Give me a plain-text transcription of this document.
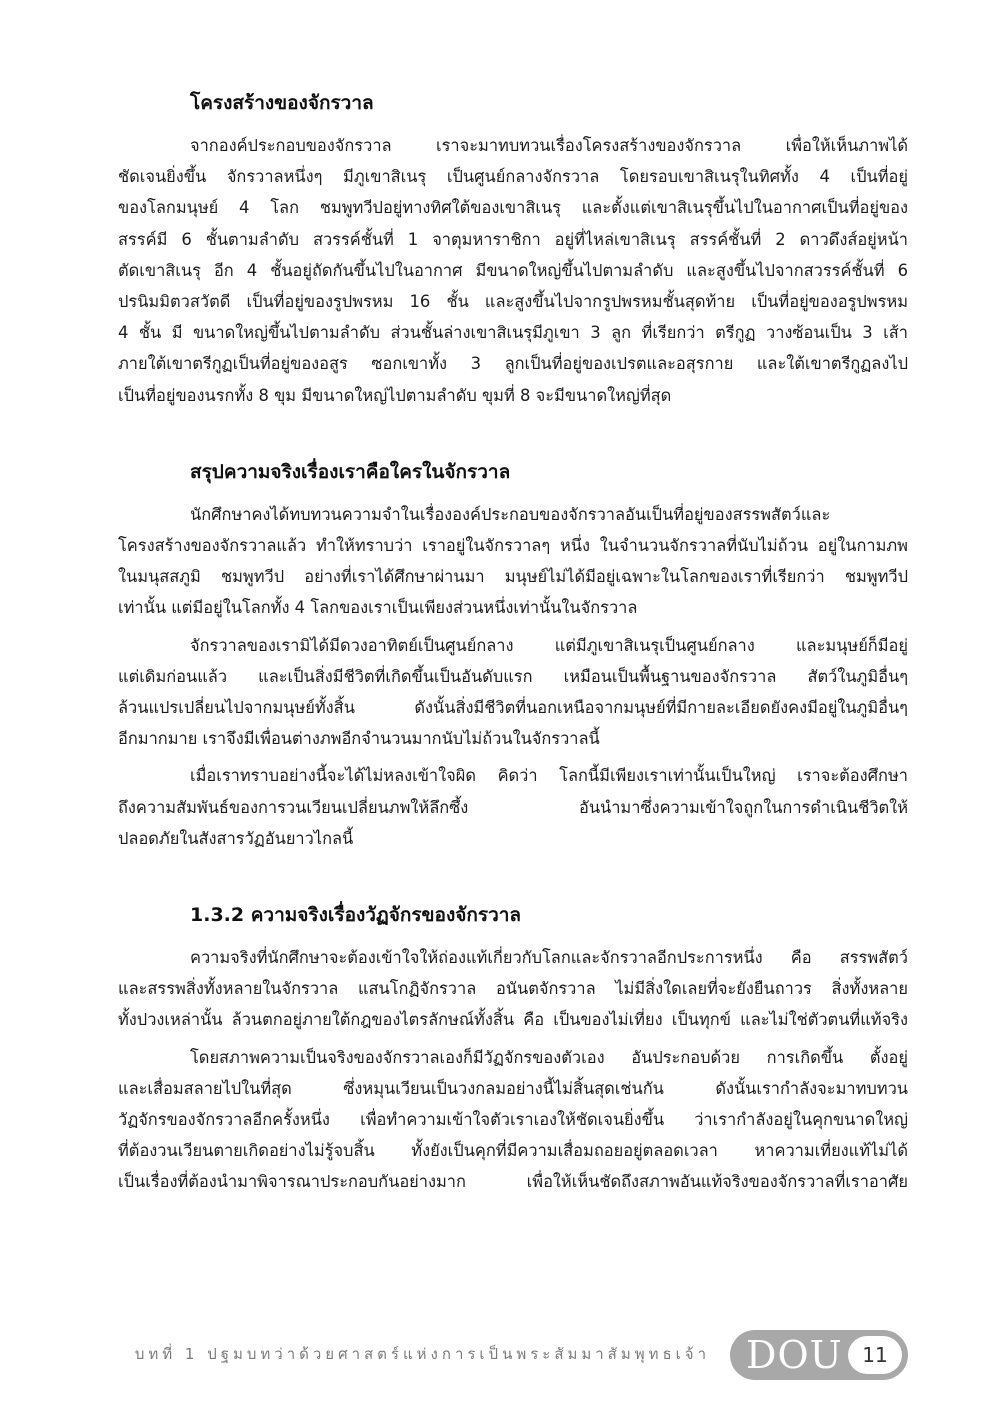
โครงสร้างของจักรวาล
จากองค์ประกอบของจักรวาล เราจะมาทบทวนเรื่องโครงสร้างของจักรวาล เพื่อให้เห็นภาพได้
ชัดเจนยิ่งขึ้น จักรวาลหนึ่งๆ มีภูเขาสิเนรุ เป็นศูนย์กลางจักรวาล โดยรอบเขาสิเนรุในทิศทั้ง 4 เป็นที่อยู่
ของโลกมนุษย์ 4 โลก ชมพูทวีปอยู่ทางทิศใต้ของเขาสิเนรุ และตั้งแต่เขาสิเนรุขึ้นไปในอากาศเป็นที่อยู่ของ
สรรค์มี 6 ชั้นตามลำดับ สวรรค์ชั้นที่ 1 จาตุมหาราชิกา อยู่ที่ไหล่เขาสิเนรุ สรรค์ชั้นที่ 2 ดาวดึงส์อยู่หน้า
ตัดเขาสิเนรุ อีก 4 ชั้นอยู่ถัดกันขึ้นไปในอากาศ มีขนาดใหญ่ขึ้นไปตามลำดับ และสูงขึ้นไปจากสวรรค์ชั้นที่ 6
ปรนิมมิตวสวัตดี เป็นที่อยู่ของรูปพรหม 16 ชั้น และสูงขึ้นไปจากรูปพรหมชั้นสุดท้าย เป็นที่อยู่ของอรูปพรหม
4 ชั้น มี ขนาดใหญ่ขึ้นไปตามลำดับ ส่วนชั้นล่างเขาสิเนรุมีภูเขา 3 ลูก ที่เรียกว่า ตรีกูฏ วางซ้อนเป็น 3 เส้า
ภายใต้เขาตรีกูฏเป็นที่อยู่ของอสูร ซอกเขาทั้ง 3 ลูกเป็นที่อยู่ของเปรตและอสุรกาย และใต้เขาตรีกูฏลงไป
เป็นที่อยู่ของนรกทั้ง 8 ขุม มีขนาดใหญ่ไปตามลำดับ ขุมที่ 8 จะมีขนาดใหญ่ที่สุด
สรุปความจริงเรื่องเราคือใครในจักรวาล
นักศึกษาคงได้ทบทวนความจำในเรื่ององค์ประกอบของจักรวาลอันเป็นที่อยู่ของสรรพสัตว์และ
โครงสร้างของจักรวาลแล้ว ทำให้ทราบว่า เราอยู่ในจักรวาลๆ หนึ่ง ในจำนวนจักรวาลที่นับไม่ถ้วน อยู่ในกามภพ
ในมนุสสภูมิ ชมพูทวีป อย่างที่เราได้ศึกษาผ่านมา มนุษย์ไม่ได้มีอยู่เฉพาะในโลกของเราที่เรียกว่า ชมพูทวีป
เท่านั้น แต่มีอยู่ในโลกทั้ง 4 โลกของเราเป็นเพียงส่วนหนึ่งเท่านั้นในจักรวาล
จักรวาลของเรามิได้มีดวงอาทิตย์เป็นศูนย์กลาง แต่มีภูเขาสิเนรุเป็นศูนย์กลาง และมนุษย์ก็มีอยู่
แต่เดิมก่อนแล้ว และเป็นสิ่งมีชีวิตที่เกิดขึ้นเป็นอันดับแรก เหมือนเป็นพื้นฐานของจักรวาล สัตว์ในภูมิอื่นๆ
ล้วนแปรเปลี่ยนไปจากมนุษย์ทั้งสิ้น ดังนั้นสิ่งมีชีวิตที่นอกเหนือจากมนุษย์ที่มีกายละเอียดยังคงมีอยู่ในภูมิอื่นๆ
อีกมากมาย เราจึงมีเพื่อนต่างภพอีกจำนวนมากนับไม่ถ้วนในจักรวาลนี้
เมื่อเราทราบอย่างนี้จะได้ไม่หลงเข้าใจผิด คิดว่า โลกนี้มีเพียงเราเท่านั้นเป็นใหญ่ เราจะต้องศึกษา
ถึงความสัมพันธ์ของการวนเวียนเปลี่ยนภพให้ลึกซึ้ง อันนำมาซึ่งความเข้าใจถูกในการดำเนินชีวิตให้
ปลอดภัยในสังสารวัฏอันยาวไกลนี้
1.3.2 ความจริงเรื่องวัฏจักรของจักรวาล
ความจริงที่นักศึกษาจะต้องเข้าใจให้ถ่องแท้เกี่ยวกับโลกและจักรวาลอีกประการหนึ่ง คือ สรรพสัตว์
และสรรพสิ่งทั้งหลายในจักรวาล แสนโกฏิจักรวาล อนันตจักรวาล ไม่มีสิ่งใดเลยที่จะยังยืนถาวร สิ่งทั้งหลาย
ทั้งปวงเหล่านั้น ล้วนตกอยู่ภายใต้กฎของไตรลักษณ์ทั้งสิ้น คือ เป็นของไม่เที่ยง เป็นทุกข์ และไม่ใช่ตัวตนที่แท้จริง
โดยสภาพความเป็นจริงของจักรวาลเองก็มีวัฏจักรของตัวเอง อันประกอบด้วย การเกิดขึ้น ตั้งอยู่
และเสื่อมสลายไปในที่สุด ซึ่งหมุนเวียนเป็นวงกลมอย่างนี้ไม่สิ้นสุดเช่นกัน ดังนั้นเรากำลังจะมาทบทวน
วัฏจักรของจักรวาลอีกครั้งหนึ่ง เพื่อทำความเข้าใจตัวเราเองให้ชัดเจนยิ่งขึ้น ว่าเรากำลังอยู่ในคุกขนาดใหญ่
ที่ต้องวนเวียนตายเกิดอย่างไม่รู้จบสิ้น ทั้งยังเป็นคุกที่มีความเสื่อมถอยอยู่ตลอดเวลา หาความเที่ยงแท้ไม่ได้
เป็นเรื่องที่ต้องนำมาพิจารณาประกอบกันอย่างมาก เพื่อให้เห็นชัดถึงสภาพอันแท้จริงของจักรวาลที่เราอาศัย
บทที่ 1 ปฐมบทว่าด้วยศาสตร์แห่งการเป็นพระสัมมาสัมพุทธเจ้า DOU 11
